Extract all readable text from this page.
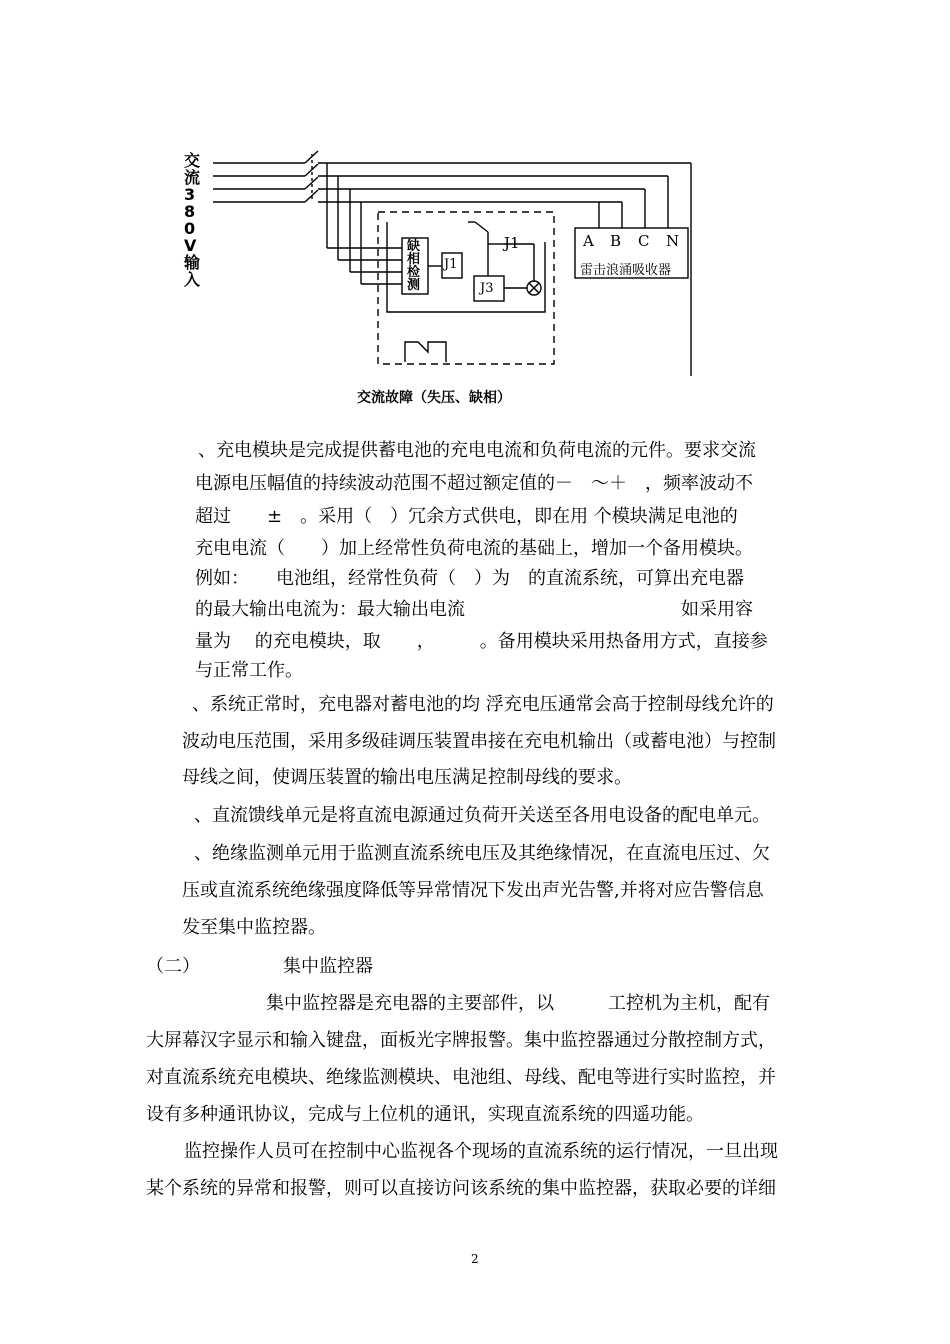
交流380V输入
缺相检测
J1
J1
J3
A B C N
雷击浪涌吸收器
交流故障（失压、缺相）
、充电模块是完成提供蓄电池的充电电流和负荷电流的元件。要求交流
电源电压幅值的持续波动范围不超过额定值的－　～＋　，频率波动不
超过　　±　。采用（　）冗余方式供电，即在用 个模块满足电池的
充电电流（　　）加上经常性负荷电流的基础上，增加一个备用模块。
例如：　　电池组，经常性负荷（　）为　的直流系统，可算出充电器
的最大输出电流为：最大输出电流　　　　　　　　　　　　如采用容
量为　 的充电模块，取　　，　　　。备用模块采用热备用方式，直接参
与正常工作。
、系统正常时，充电器对蓄电池的均 浮充电压通常会高于控制母线允许的
波动电压范围，采用多级硅调压装置串接在充电机输出（或蓄电池）与控制
母线之间，使调压装置的输出电压满足控制母线的要求。
、直流馈线单元是将直流电源通过负荷开关送至各用电设备的配电单元。
、绝缘监测单元用于监测直流系统电压及其绝缘情况，在直流电压过、欠
压或直流系统绝缘强度降低等异常情况下发出声光告警,并将对应告警信息
发至集中监控器。
（二）	集中监控器
集中监控器是充电器的主要部件，以　　　工控机为主机，配有
大屏幕汉字显示和输入键盘，面板光字牌报警。集中监控器通过分散控制方式，
对直流系统充电模块、绝缘监测模块、电池组、母线、配电等进行实时监控，并
设有多种通讯协议，完成与上位机的通讯，实现直流系统的四遥功能。
监控操作人员可在控制中心监视各个现场的直流系统的运行情况，一旦出现
某个系统的异常和报警，则可以直接访问该系统的集中监控器，获取必要的详细
2
